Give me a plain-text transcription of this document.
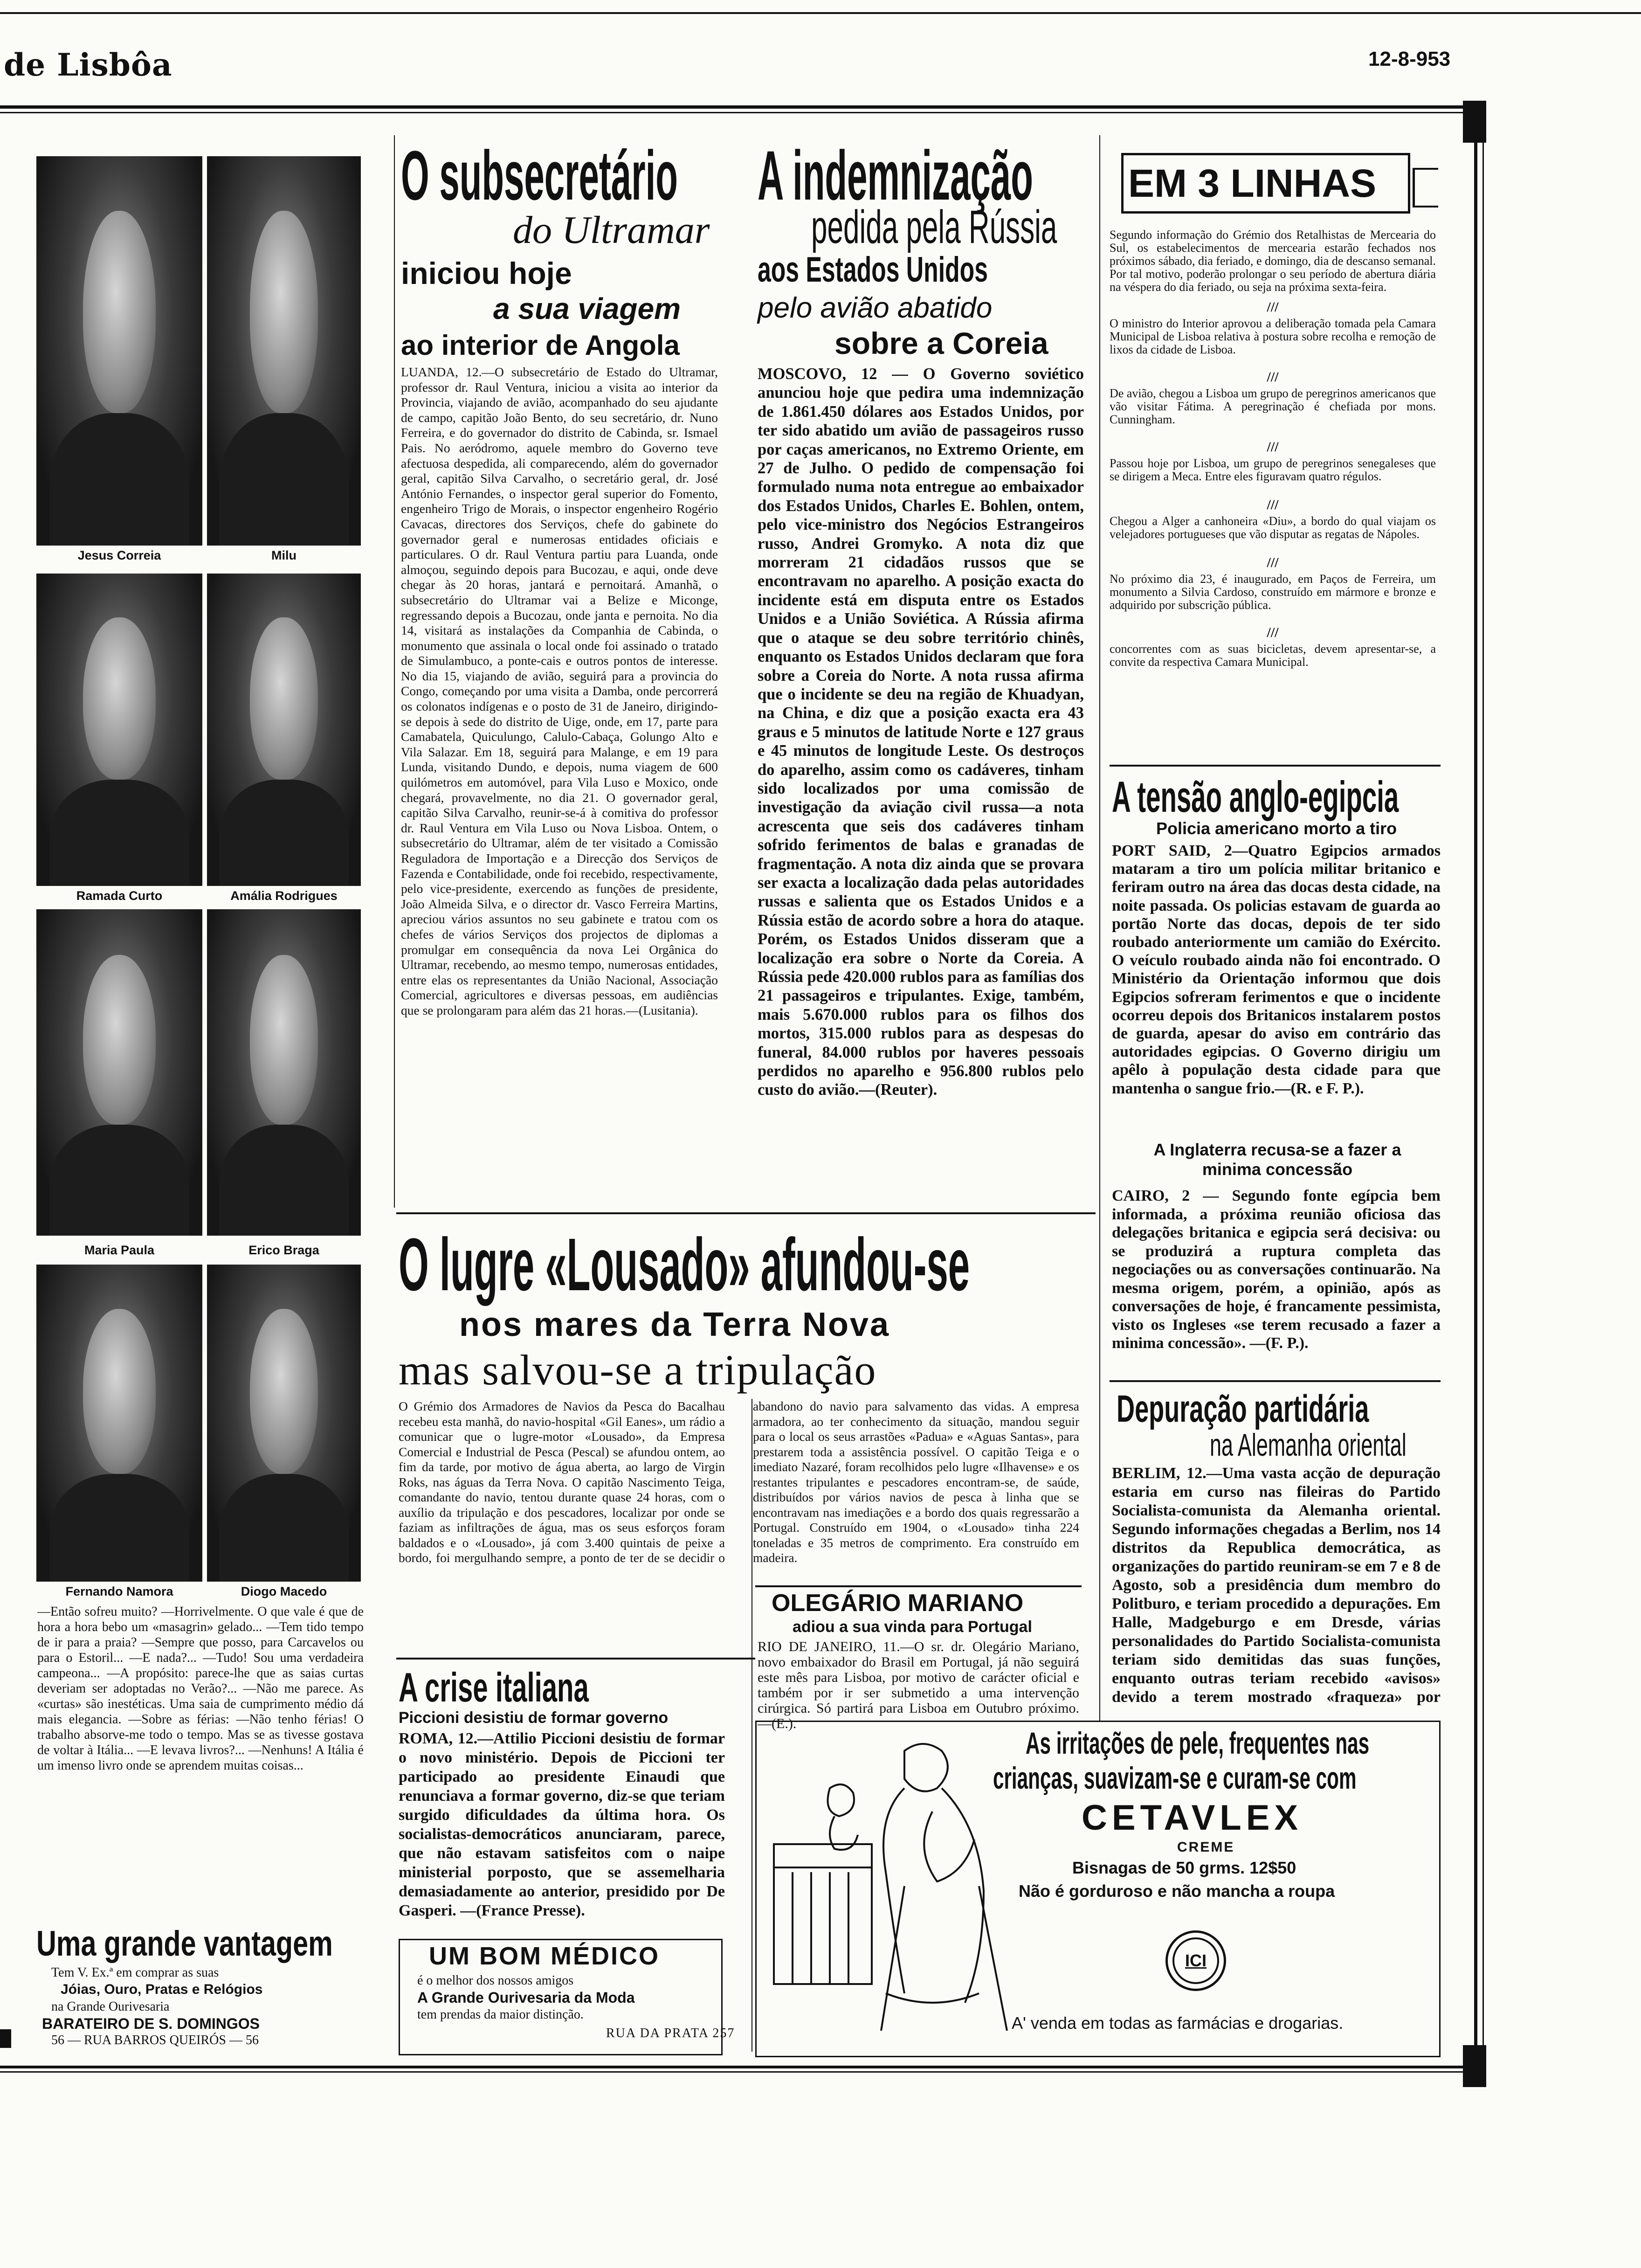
de Lisbôa	12-8-953
Jesus Correia	Milu
Ramada Curto	Amália Rodrigues
Maria Paula	Erico Braga
Fernando Namora	Diogo Macedo
—Então sofreu muito? —Horrivelmente. O que vale é que de hora a hora bebo um «masagrin» gelado... —Tem tido tempo de ir para a praia? —Sempre que posso, para Carcavelos ou para o Estoril... —E nada?... —Tudo! Sou uma verdadeira campeona... —A propósito: parece-lhe que as saias curtas deveriam ser adoptadas no Verão?... —Não me parece. As «curtas» são inestéticas. Uma saia de cumprimento médio dá mais elegancia. —Sobre as férias: —Não tenho férias! O trabalho absorve-me todo o tempo. Mas se as tivesse gostava de voltar à Itália... —E levava livros?... —Nenhuns! A Itália é um imenso livro onde se aprendem muitas coisas...
Uma grande vantagem
Tem V. Ex.ª em comprar as suas
Jóias, Ouro, Pratas e Relógios
na Grande Ourivesaria
BARATEIRO DE S. DOMINGOS
56 — RUA BARROS QUEIRÓS — 56
O subsecretário
do Ultramar
iniciou hoje
a sua viagem
ao interior de Angola
LUANDA, 12.—O subsecretário de Estado do Ultramar, professor dr. Raul Ventura, iniciou a visita ao interior da Provincia, viajando de avião, acompanhado do seu ajudante de campo, capitão João Bento, do seu secretário, dr. Nuno Ferreira, e do governador do distrito de Cabinda, sr. Ismael Pais. No aeródromo, aquele membro do Governo teve afectuosa despedida, ali comparecendo, além do governador geral, capitão Silva Carvalho, o secretário geral, dr. José António Fernandes, o inspector geral superior do Fomento, engenheiro Trigo de Morais, o inspector engenheiro Rogério Cavacas, directores dos Serviços, chefe do gabinete do governador geral e numerosas entidades oficiais e particulares. O dr. Raul Ventura partiu para Luanda, onde almoçou, seguindo depois para Bucozau, e aqui, onde deve chegar às 20 horas, jantará e pernoitará. Amanhã, o subsecretário do Ultramar vai a Belize e Miconge, regressando depois a Bucozau, onde janta e pernoita. No dia 14, visitará as instalações da Companhia de Cabinda, o monumento que assinala o local onde foi assinado o tratado de Simulambuco, a ponte-cais e outros pontos de interesse. No dia 15, viajando de avião, seguirá para a provincia do Congo, começando por uma visita a Damba, onde percorrerá os colonatos indígenas e o posto de 31 de Janeiro, dirigindo-se depois à sede do distrito de Uige, onde, em 17, parte para Camabatela, Quiculungo, Calulo-Cabaça, Golungo Alto e Vila Salazar. Em 18, seguirá para Malange, e em 19 para Lunda, visitando Dundo, e depois, numa viagem de 600 quilómetros em automóvel, para Vila Luso e Moxico, onde chegará, provavelmente, no dia 21. O governador geral, capitão Silva Carvalho, reunir-se-á à comitiva do professor dr. Raul Ventura em Vila Luso ou Nova Lisboa. Ontem, o subsecretário do Ultramar, além de ter visitado a Comissão Reguladora de Importação e a Direcção dos Serviços de Fazenda e Contabilidade, onde foi recebido, respectivamente, pelo vice-presidente, exercendo as funções de presidente, João Almeida Silva, e o director dr. Vasco Ferreira Martins, apreciou vários assuntos no seu gabinete e tratou com os chefes de vários Serviços dos projectos de diplomas a promulgar em consequência da nova Lei Orgânica do Ultramar, recebendo, ao mesmo tempo, numerosas entidades, entre elas os representantes da União Nacional, Associação Comercial, agricultores e diversas pessoas, em audiências que se prolongaram para além das 21 horas.—(Lusitania).
A indemnização
pedida pela Rússia
aos Estados Unidos
pelo avião abatido
sobre a Coreia
MOSCOVO, 12 — O Governo soviético anunciou hoje que pedira uma indemnização de 1.861.450 dólares aos Estados Unidos, por ter sido abatido um avião de passageiros russo por caças americanos, no Extremo Oriente, em 27 de Julho. O pedido de compensação foi formulado numa nota entregue ao embaixador dos Estados Unidos, Charles E. Bohlen, ontem, pelo vice-ministro dos Negócios Estrangeiros russo, Andrei Gromyko. A nota diz que morreram 21 cidadãos russos que se encontravam no aparelho. A posição exacta do incidente está em disputa entre os Estados Unidos e a União Soviética. A Rússia afirma que o ataque se deu sobre território chinês, enquanto os Estados Unidos declaram que fora sobre a Coreia do Norte. A nota russa afirma que o incidente se deu na região de Khuadyan, na China, e diz que a posição exacta era 43 graus e 5 minutos de latitude Norte e 127 graus e 45 minutos de longitude Leste. Os destroços do aparelho, assim como os cadáveres, tinham sido localizados por uma comissão de investigação da aviação civil russa—a nota acrescenta que seis dos cadáveres tinham sofrido ferimentos de balas e granadas de fragmentação. A nota diz ainda que se provara ser exacta a localização dada pelas autoridades russas e salienta que os Estados Unidos e a Rússia estão de acordo sobre a hora do ataque. Porém, os Estados Unidos disseram que a localização era sobre o Norte da Coreia. A Rússia pede 420.000 rublos para as famílias dos 21 passageiros e tripulantes. Exige, também, mais 5.670.000 rublos para os filhos dos mortos, 315.000 rublos para as despesas do funeral, 84.000 rublos por haveres pessoais perdidos no aparelho e 956.800 rublos pelo custo do avião.—(Reuter).
EM 3 LINHAS
Segundo informação do Grémio dos Retalhistas de Mercearia do Sul, os estabelecimentos de mercearia estarão fechados nos próximos sábado, dia feriado, e domingo, dia de descanso semanal. Por tal motivo, poderão prolongar o seu período de abertura diária na véspera do dia feriado, ou seja na próxima sexta-feira.
///
O ministro do Interior aprovou a deliberação tomada pela Camara Municipal de Lisboa relativa à postura sobre recolha e remoção de lixos da cidade de Lisboa.
///
De avião, chegou a Lisboa um grupo de peregrinos americanos que vão visitar Fátima. A peregrinação é chefiada por mons. Cunningham.
///
Passou hoje por Lisboa, um grupo de peregrinos senegaleses que se dirigem a Meca. Entre eles figuravam quatro régulos.
///
Chegou a Alger a canhoneira «Diu», a bordo do qual viajam os velejadores portugueses que vão disputar as regatas de Nápoles.
///
No próximo dia 23, é inaugurado, em Paços de Ferreira, um monumento a Silvia Cardoso, construído em mármore e bronze e adquirido por subscrição pública.
///
concorrentes com as suas bicicletas, devem apresentar-se, a convite da respectiva Camara Municipal.
A tensão anglo-egipcia
Policia americano morto a tiro
PORT SAID, 2—Quatro Egipcios armados mataram a tiro um polícia militar britanico e feriram outro na área das docas desta cidade, na noite passada. Os policias estavam de guarda ao portão Norte das docas, depois de ter sido roubado anteriormente um camião do Exército. O veículo roubado ainda não foi encontrado. O Ministério da Orientação informou que dois Egipcios sofreram ferimentos e que o incidente ocorreu depois dos Britanicos instalarem postos de guarda, apesar do aviso em contrário das autoridades egipcias. O Governo dirigiu um apêlo à população desta cidade para que mantenha o sangue frio.—(R. e F. P.).
A Inglaterra recusa-se a fazer a minima concessão
CAIRO, 2 — Segundo fonte egípcia bem informada, a próxima reunião oficiosa das delegações britanica e egipcia será decisiva: ou se produzirá a ruptura completa das negociações ou as conversações continuarão. Na mesma origem, porém, a opinião, após as conversações de hoje, é francamente pessimista, visto os Ingleses «se terem recusado a fazer a minima concessão». —(F. P.).
Depuração partidária
na Alemanha oriental
BERLIM, 12.—Uma vasta acção de depuração estaria em curso nas fileiras do Partido Socialista-comunista da Alemanha oriental. Segundo informações chegadas a Berlim, nos 14 distritos da Republica democrática, as organizações do partido reuniram-se em 7 e 8 de Agosto, sob a presidência dum membro do Politburo, e teriam procedido a depurações. Em Halle, Madgeburgo e em Dresde, várias personalidades do Partido Socialista-comunista teriam sido demitidas das suas funções, enquanto outras teriam recebido «avisos» devido a terem mostrado «fraqueza» por
O lugre «Lousado» afundou-se
nos mares da Terra Nova
mas salvou-se a tripulação
O Grémio dos Armadores de Navios da Pesca do Bacalhau recebeu esta manhã, do navio-hospital «Gil Eanes», um rádio a comunicar que o lugre-motor «Lousado», da Empresa Comercial e Industrial de Pesca (Pescal) se afundou ontem, ao fim da tarde, por motivo de água aberta, ao largo de Virgin Roks, nas águas da Terra Nova. O capitão Nascimento Teiga, comandante do navio, tentou durante quase 24 horas, com o auxílio da tripulação e dos pescadores, localizar por onde se faziam as infiltrações de água, mas os seus esforços foram baldados e o «Lousado», já com 3.400 quintais de peixe a bordo, foi mergulhando sempre, a ponto de ter de se decidir o abandono do navio para salvamento das vidas. A empresa armadora, ao ter conhecimento da situação, mandou seguir para o local os seus arrastões «Padua» e «Aguas Santas», para prestarem toda a assistência possível. O capitão Teiga e o imediato Nazaré, foram recolhidos pelo lugre «Ilhavense» e os restantes tripulantes e pescadores encontram-se, de saúde, distribuídos por vários navios de pesca à linha que se encontravam nas imediações e a bordo dos quais regressarão a Portugal. Construído em 1904, o «Lousado» tinha 224 toneladas e 35 metros de comprimento. Era construído em madeira.
OLEGÁRIO MARIANO
adiou a sua vinda para Portugal
RIO DE JANEIRO, 11.—O sr. dr. Olegário Mariano, novo embaixador do Brasil em Portugal, já não seguirá este mês para Lisboa, por motivo de carácter oficial e também por ir ser submetido a uma intervenção cirúrgica. Só partirá para Lisboa em Outubro próximo. —(E.).
A crise italiana
Piccioni desistiu de formar governo
ROMA, 12.—Attilio Piccioni desistiu de formar o novo ministério. Depois de Piccioni ter participado ao presidente Einaudi que renunciava a formar governo, diz-se que teriam surgido dificuldades da última hora. Os socialistas-democráticos anunciaram, parece, que não estavam satisfeitos com o naipe ministerial porposto, que se assemelharia demasiadamente ao anterior, presidido por De Gasperi. —(France Presse).
UM BOM MÉDICO
é o melhor dos nossos amigos
A Grande Ourivesaria da Moda
tem prendas da maior distinção.
RUA DA PRATA 257
As irritações de pele, frequentes nas
crianças, suavizam-se e curam-se com
CETAVLEX
CREME
Bisnagas de 50 grms. 12$50
Não é gorduroso e não mancha a roupa
ICI
A' venda em todas as farmácias e drogarias.
